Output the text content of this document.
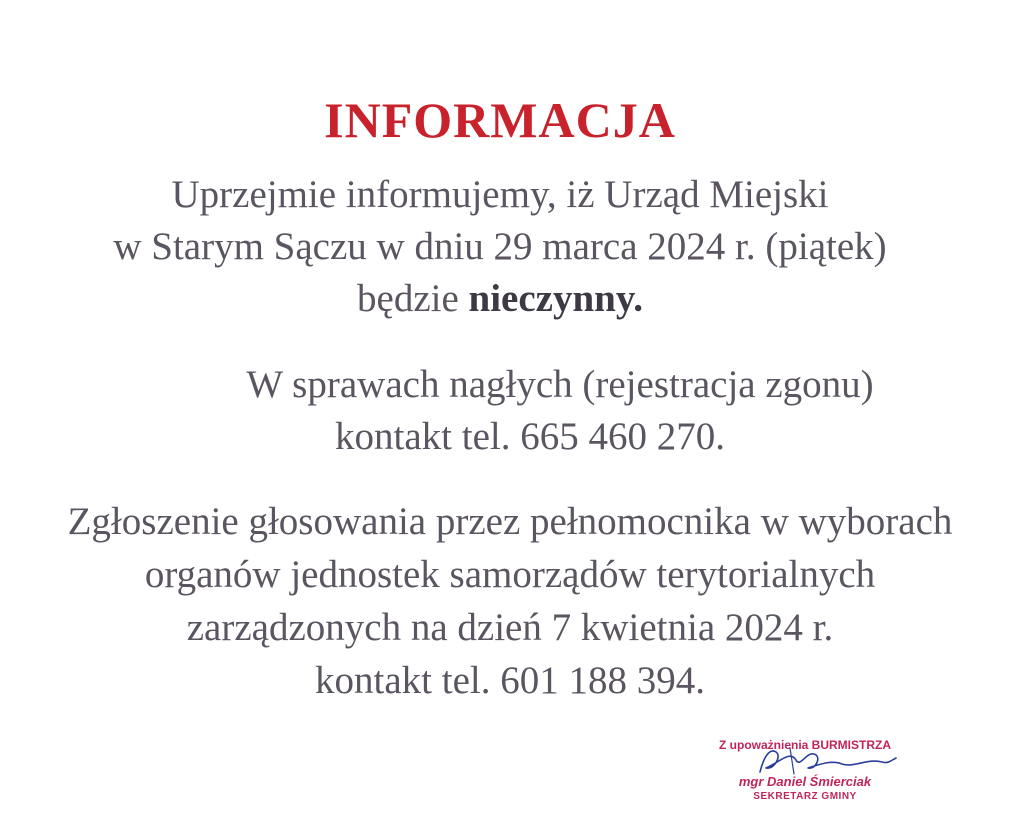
INFORMACJA
Uprzejmie informujemy, iż Urząd Miejski
w Starym Sączu w dniu 29 marca 2024 r. (piątek)
będzie nieczynny.
W sprawach nagłych (rejestracja zgonu)
kontakt tel. 665 460 270.
Zgłoszenie głosowania przez pełnomocnika w wyborach
organów jednostek samorządów terytorialnych
zarządzonych na dzień 7 kwietnia 2024 r.
kontakt tel. 601 188 394.
Z upoważnienia BURMISTRZA
mgr Daniel Śmierciak
SEKRETARZ GMINY
